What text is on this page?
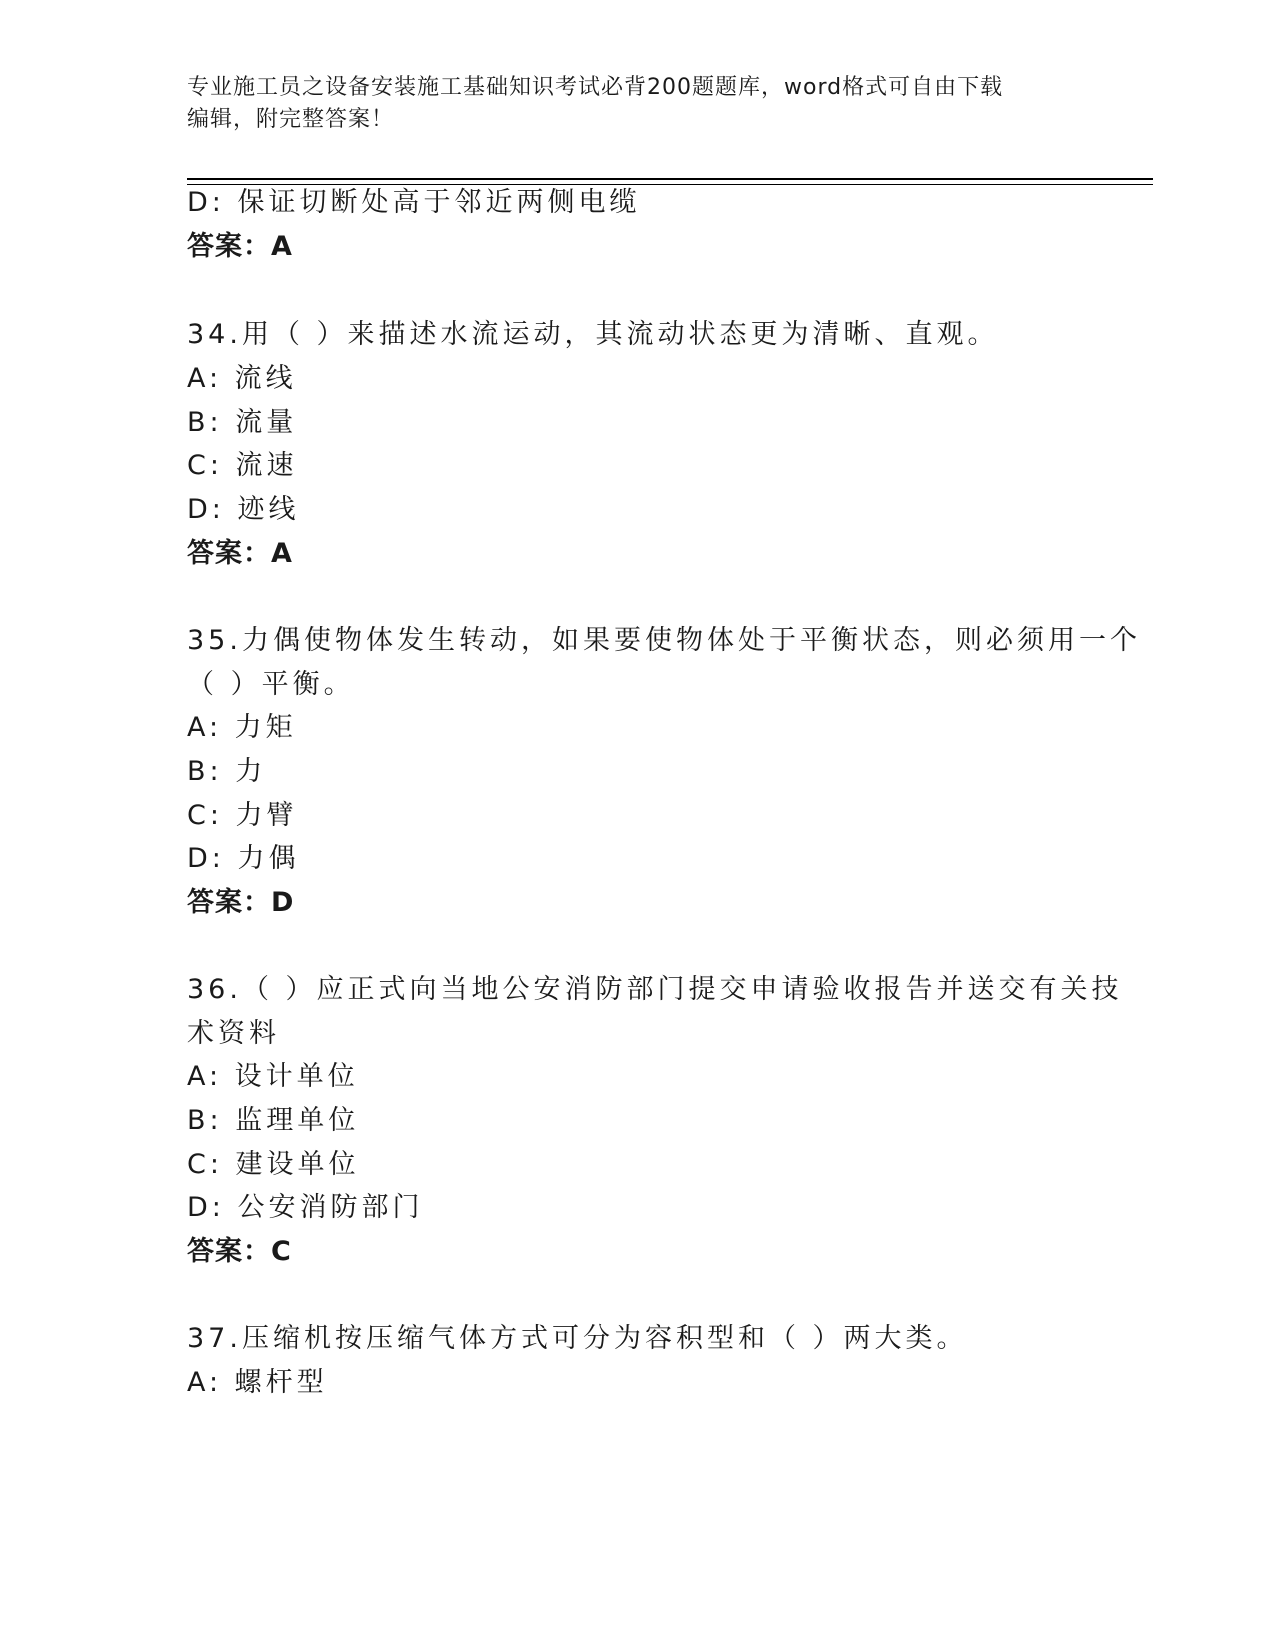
专业施工员之设备安装施工基础知识考试必背200题题库，word格式可自由下载
编辑，附完整答案！
D: 保证切断处高于邻近两侧电缆
答案：A
34.用（ ）来描述水流运动，其流动状态更为清晰、直观。
A: 流线
B: 流量
C: 流速
D: 迹线
答案：A
35.力偶使物体发生转动，如果要使物体处于平衡状态，则必须用一个
（ ）平衡。
A: 力矩
B: 力
C: 力臂
D: 力偶
答案：D
36.（ ）应正式向当地公安消防部门提交申请验收报告并送交有关技
术资料
A: 设计单位
B: 监理单位
C: 建设单位
D: 公安消防部门
答案：C
37.压缩机按压缩气体方式可分为容积型和（ ）两大类。
A: 螺杆型
